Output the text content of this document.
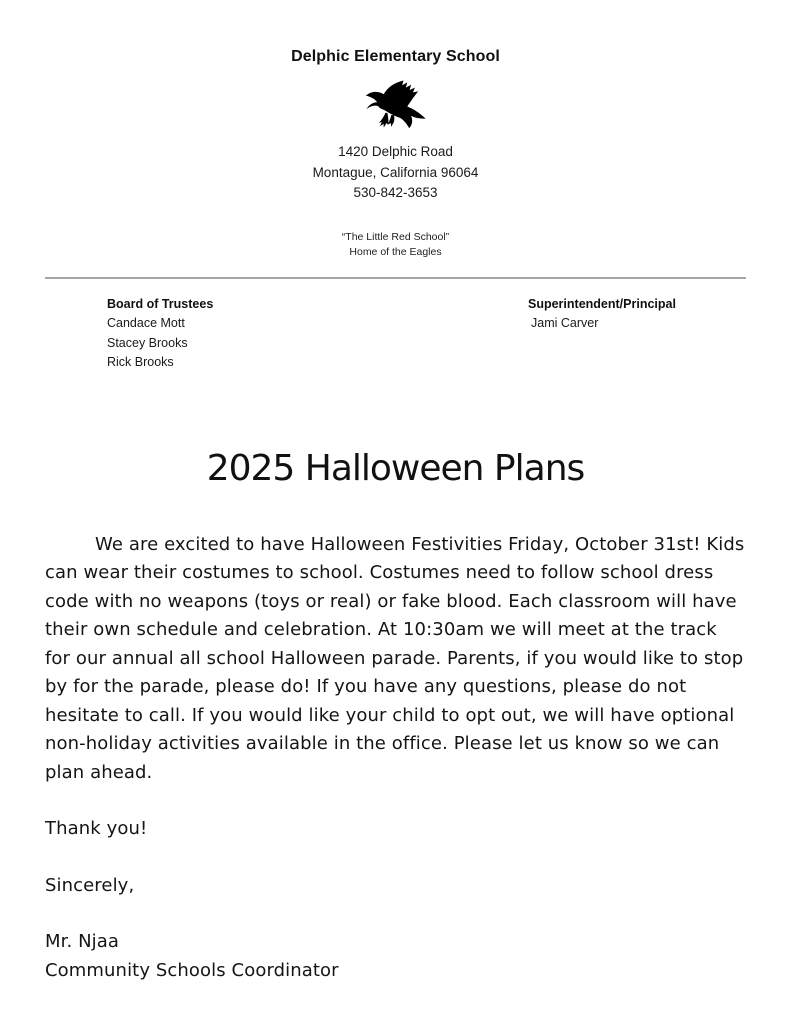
Delphic Elementary School
1420 Delphic Road
Montague, California 96064
530-842-3653
“The Little Red School”
Home of the Eagles
Board of Trustees
Candace Mott
Stacey Brooks
Rick Brooks
Superintendent/Principal
Jami Carver
2025 Halloween Plans

We are excited to have Halloween Festivities Friday, October 31st! Kids can wear their costumes to school. Costumes need to follow school dress code with no weapons (toys or real) or fake blood. Each classroom will have their own schedule and celebration. At 10:30am we will meet at the track for our annual all school Halloween parade. Parents, if you would like to stop by for the parade, please do! If you have any questions, please do not hesitate to call. If you would like your child to opt out, we will have optional non-holiday activities available in the office. Please let us know so we can plan ahead.

Thank you!

Sincerely,

Mr. Njaa

Community Schools Coordinator
